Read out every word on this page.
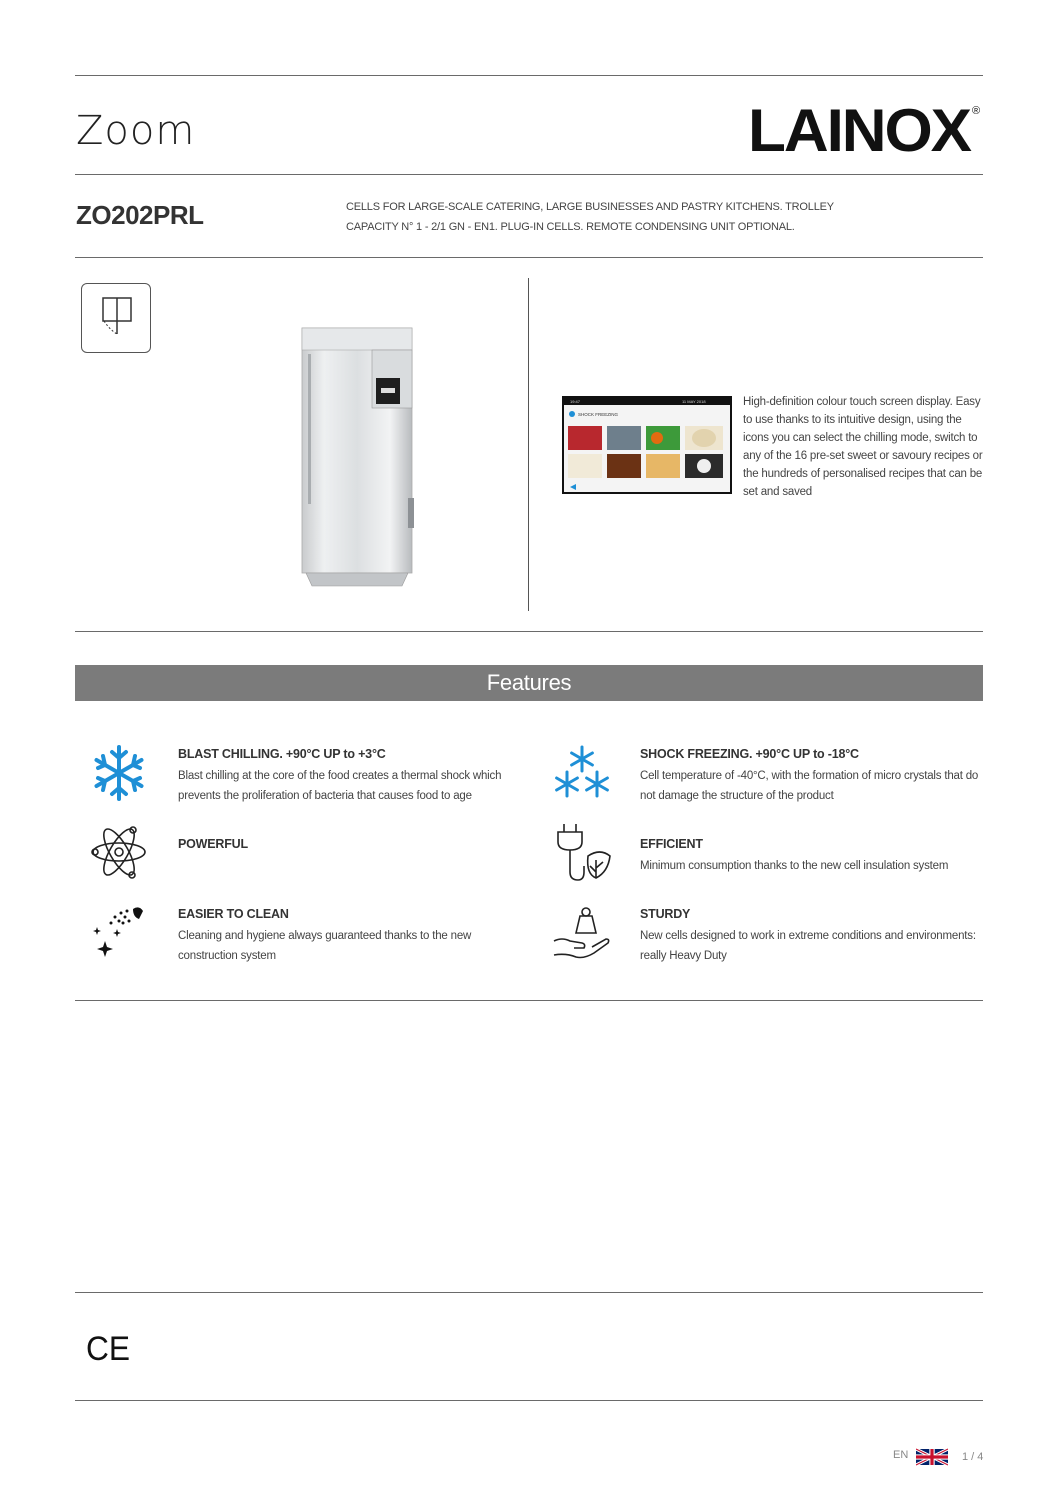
Zoom	LAINOX ®
ZO202PRL	CELLS FOR LARGE-SCALE CATERING, LARGE BUSINESSES AND PASTRY KITCHENS. TROLLEY CAPACITY N° 1 - 2/1 GN - EN1. PLUG-IN CELLS. REMOTE CONDENSING UNIT OPTIONAL.
19:47	11 MAY 2018
SHOCK FREEZING
High-definition colour touch screen display. Easy to use thanks to its intuitive design, using the icons you can select the chilling mode, switch to any of the 16 pre-set sweet or savoury recipes or the hundreds of personalised recipes that can be set and saved
Features
BLAST CHILLING. +90°C UP to +3°C
Blast chilling at the core of the food creates a thermal shock which prevents the proliferation of bacteria that causes food to age
SHOCK FREEZING. +90°C UP to -18°C
Cell temperature of -40°C, with the formation of micro crystals that do not damage the structure of the product
POWERFUL	EFFICIENT
Minimum consumption thanks to the new cell insulation system
EASIER TO CLEAN
Cleaning and hygiene always guaranteed thanks to the new construction system
STURDY
New cells designed to work in extreme conditions and environments: really Heavy Duty
CE
EN	1 / 4
